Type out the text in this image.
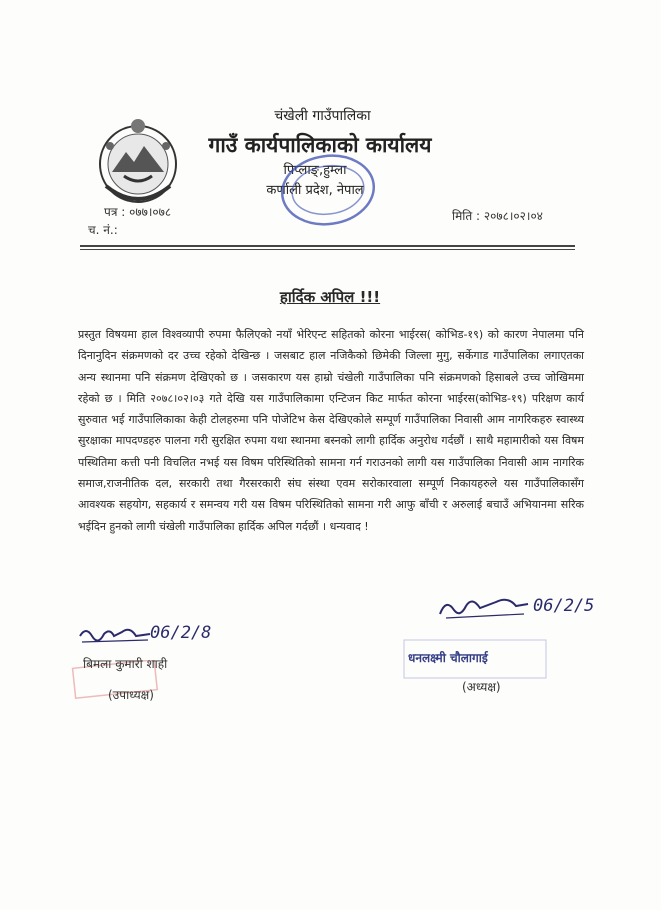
चंखेली गाउँपालिका
गाउँ कार्यपालिकाको कार्यालय
पिप्लाङ्,हुम्ला
कर्णाली प्रदेश, नेपाल
पत्र : ०७७।०७८
च. नं.:
मिति : २०७८।०२।०४
हार्दिक अपिल !!!
प्रस्तुत विषयमा हाल विश्वव्यापी रुपमा फैलिएको नयाँ भेरिएन्ट सहितको कोरना भाईरस( कोभिड-१९) को कारण नेपालमा पनि दिनानुदिन संक्रमणको दर उच्च रहेको देखिन्छ । जसबाट हाल नजिकैको छिमेकी जिल्ला मुगु, सर्केगाड गाउँपालिका लगाएतका अन्य स्थानमा पनि संक्रमण देखिएको छ । जसकारण यस हाम्रो चंखेली गाउँपालिका पनि संक्रमणको हिसाबले उच्च जोखिममा रहेको छ । मिति २०७८।०२।०३ गते देखि यस गाउँपालिकामा एन्टिजन किट मार्फत कोरना भाईरस(कोभिड-१९) परिक्षण कार्य सुरुवात भई गाउँपालिकाका केही टोलहरुमा पनि पोजेटिभ केस देखिएकोले सम्पूर्ण गाउँपालिका निवासी आम नागरिकहरु स्वास्थ्य सुरक्षाका मापदण्डहरु पालना गरी सुरक्षित रुपमा यथा स्थानमा बस्नको लागी हार्दिक अनुरोध गर्दछौं । साथै महामारीको यस विषम पस्थितिमा कत्ती पनी विचलित नभई यस विषम परिस्थितिको सामना गर्न गराउनको लागी यस गाउँपालिका निवासी आम नागरिक समाज,राजनीतिक दल, सरकारी तथा गैरसरकारी संघ संस्था एवम सरोकारवाला सम्पूर्ण निकायहरुले यस गाउँपालिकासँग आवश्यक सहयोग, सहकार्य र समन्वय गरी यस विषम परिस्थितिको सामना गरी आफु बाँची र अरुलाई बचाउँ अभियानमा सरिक भईदिन हुनको लागी चंखेली गाउँपालिका हार्दिक अपिल गर्दछौं । धन्यवाद !
06/2/8
बिमला कुमारी शाही
(उपाध्यक्ष)
06/2/5
धनलक्ष्मी चौलागाई
(अध्यक्ष)
